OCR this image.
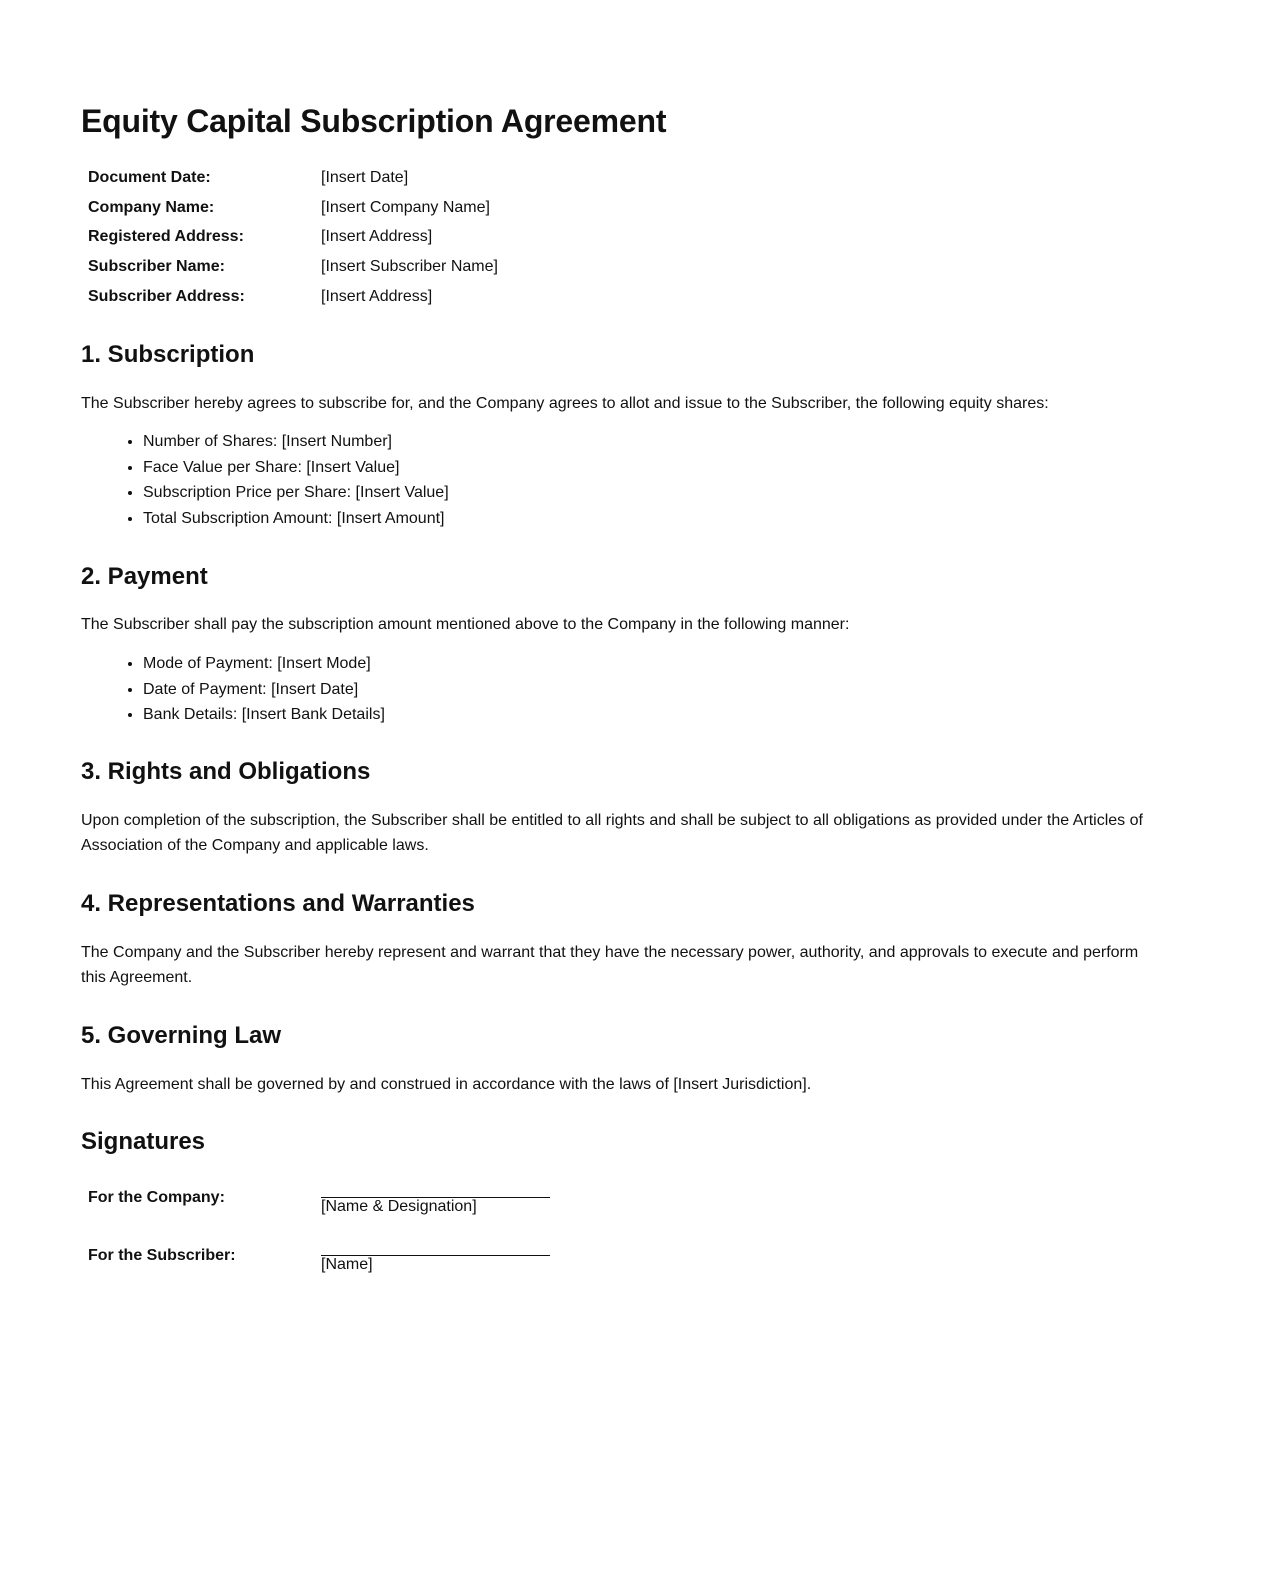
Equity Capital Subscription Agreement
Document Date:	[Insert Date]
Company Name:	[Insert Company Name]
Registered Address:	[Insert Address]
Subscriber Name:	[Insert Subscriber Name]
Subscriber Address:	[Insert Address]
1. Subscription

The Subscriber hereby agrees to subscribe for, and the Company agrees to allot and issue to the Subscriber, the following equity shares:

• Number of Shares: [Insert Number]
• Face Value per Share: [Insert Value]
• Subscription Price per Share: [Insert Value]
• Total Subscription Amount: [Insert Amount]
2. Payment

The Subscriber shall pay the subscription amount mentioned above to the Company in the following manner:

• Mode of Payment: [Insert Mode]
• Date of Payment: [Insert Date]
• Bank Details: [Insert Bank Details]
3. Rights and Obligations

Upon completion of the subscription, the Subscriber shall be entitled to all rights and shall be subject to all obligations as provided under the Articles of Association of the Company and applicable laws.

4. Representations and Warranties

The Company and the Subscriber hereby represent and warrant that they have the necessary power, authority, and approvals to execute and perform this Agreement.

5. Governing Law

This Agreement shall be governed by and construed in accordance with the laws of [Insert Jurisdiction].

Signatures
For the Company:	[Name & Designation]

For the Subscriber:	[Name]
